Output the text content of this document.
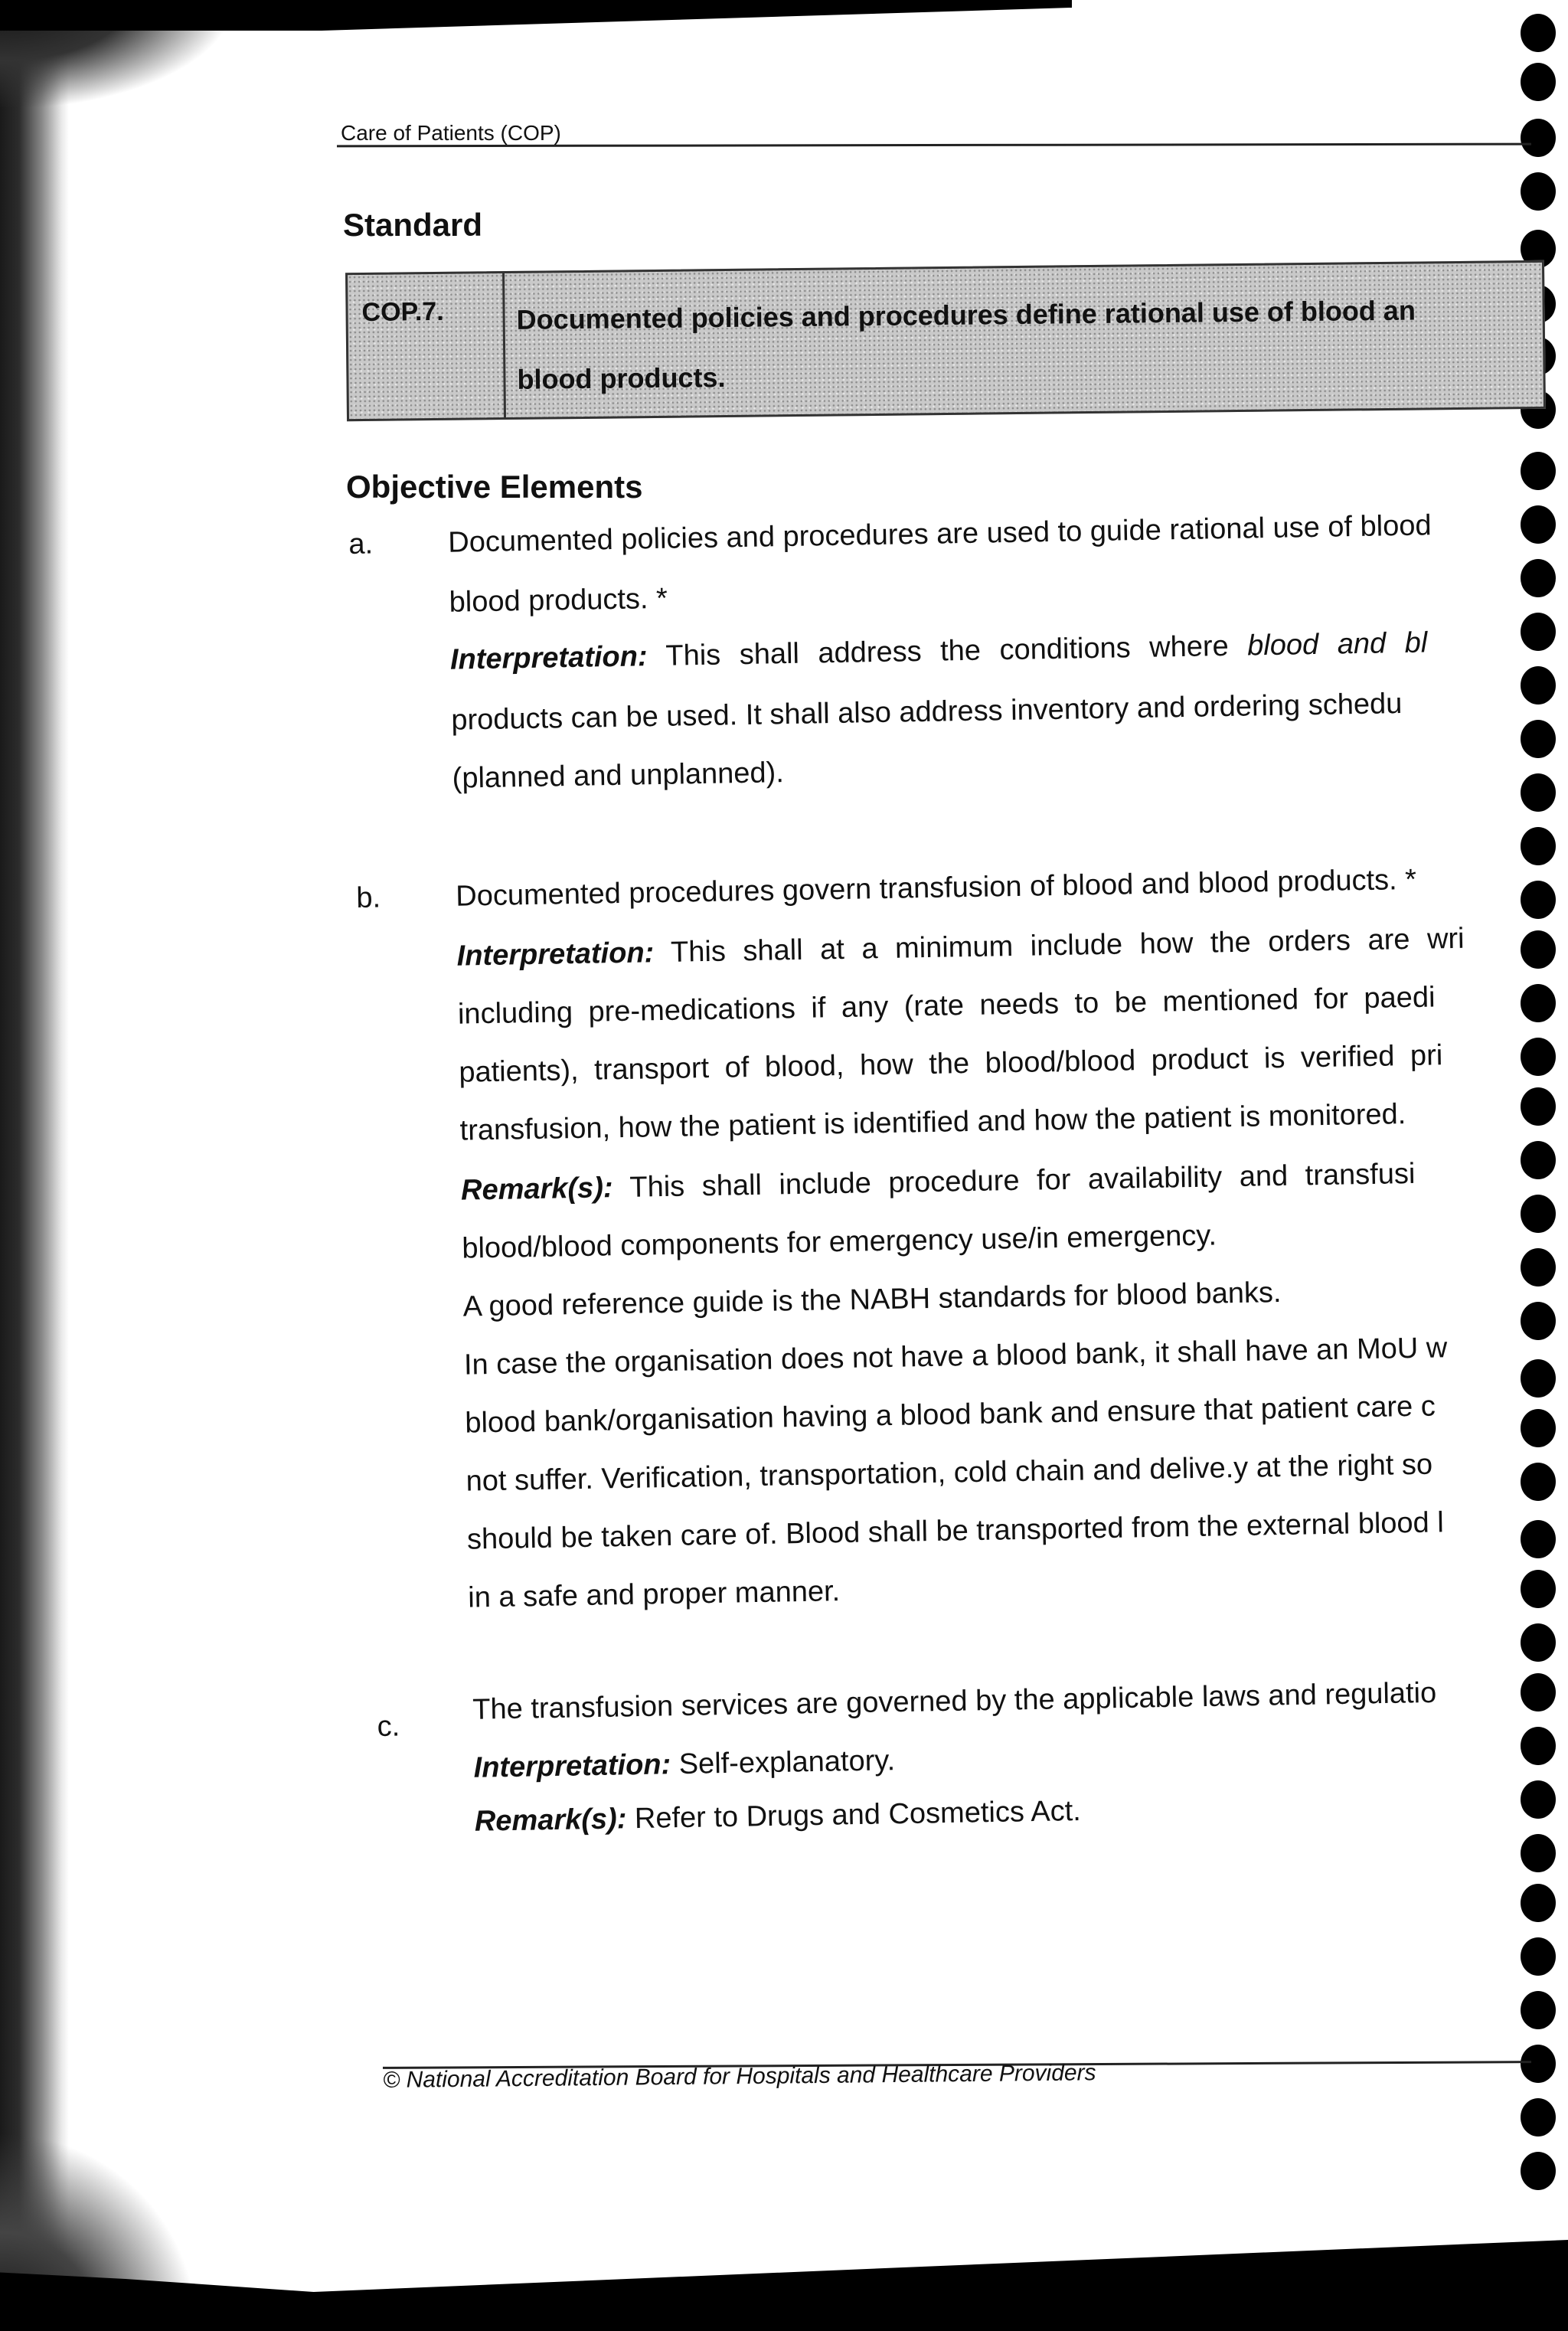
Care of Patients (COP)
Standard
COP.7.	Documented policies and procedures define rational use of blood an
blood products.
Objective Elements
a.	Documented policies and procedures are used to guide rational use of blood
blood products. *
Interpretation: This shall address the conditions where blood and bl
products can be used. It shall also address inventory and ordering schedu
(planned and unplanned).
b.	Documented procedures govern transfusion of blood and blood products. *
Interpretation: This shall at a minimum include how the orders are wri
including pre-medications if any (rate needs to be mentioned for paedi
patients), transport of blood, how the blood/blood product is verified pri
transfusion, how the patient is identified and how the patient is monitored.
Remark(s): This shall include procedure for availability and transfusi
blood/blood components for emergency use/in emergency.
A good reference guide is the NABH standards for blood banks.
In case the organisation does not have a blood bank, it shall have an MoU w
blood bank/organisation having a blood bank and ensure that patient care c
not suffer. Verification, transportation, cold chain and delive.y at the right so
should be taken care of. Blood shall be transported from the external blood l
in a safe and proper manner.
c.
The transfusion services are governed by the applicable laws and regulatio
Interpretation: Self-explanatory.
Remark(s): Refer to Drugs and Cosmetics Act.
© National Accreditation Board for Hospitals and Healthcare Providers
